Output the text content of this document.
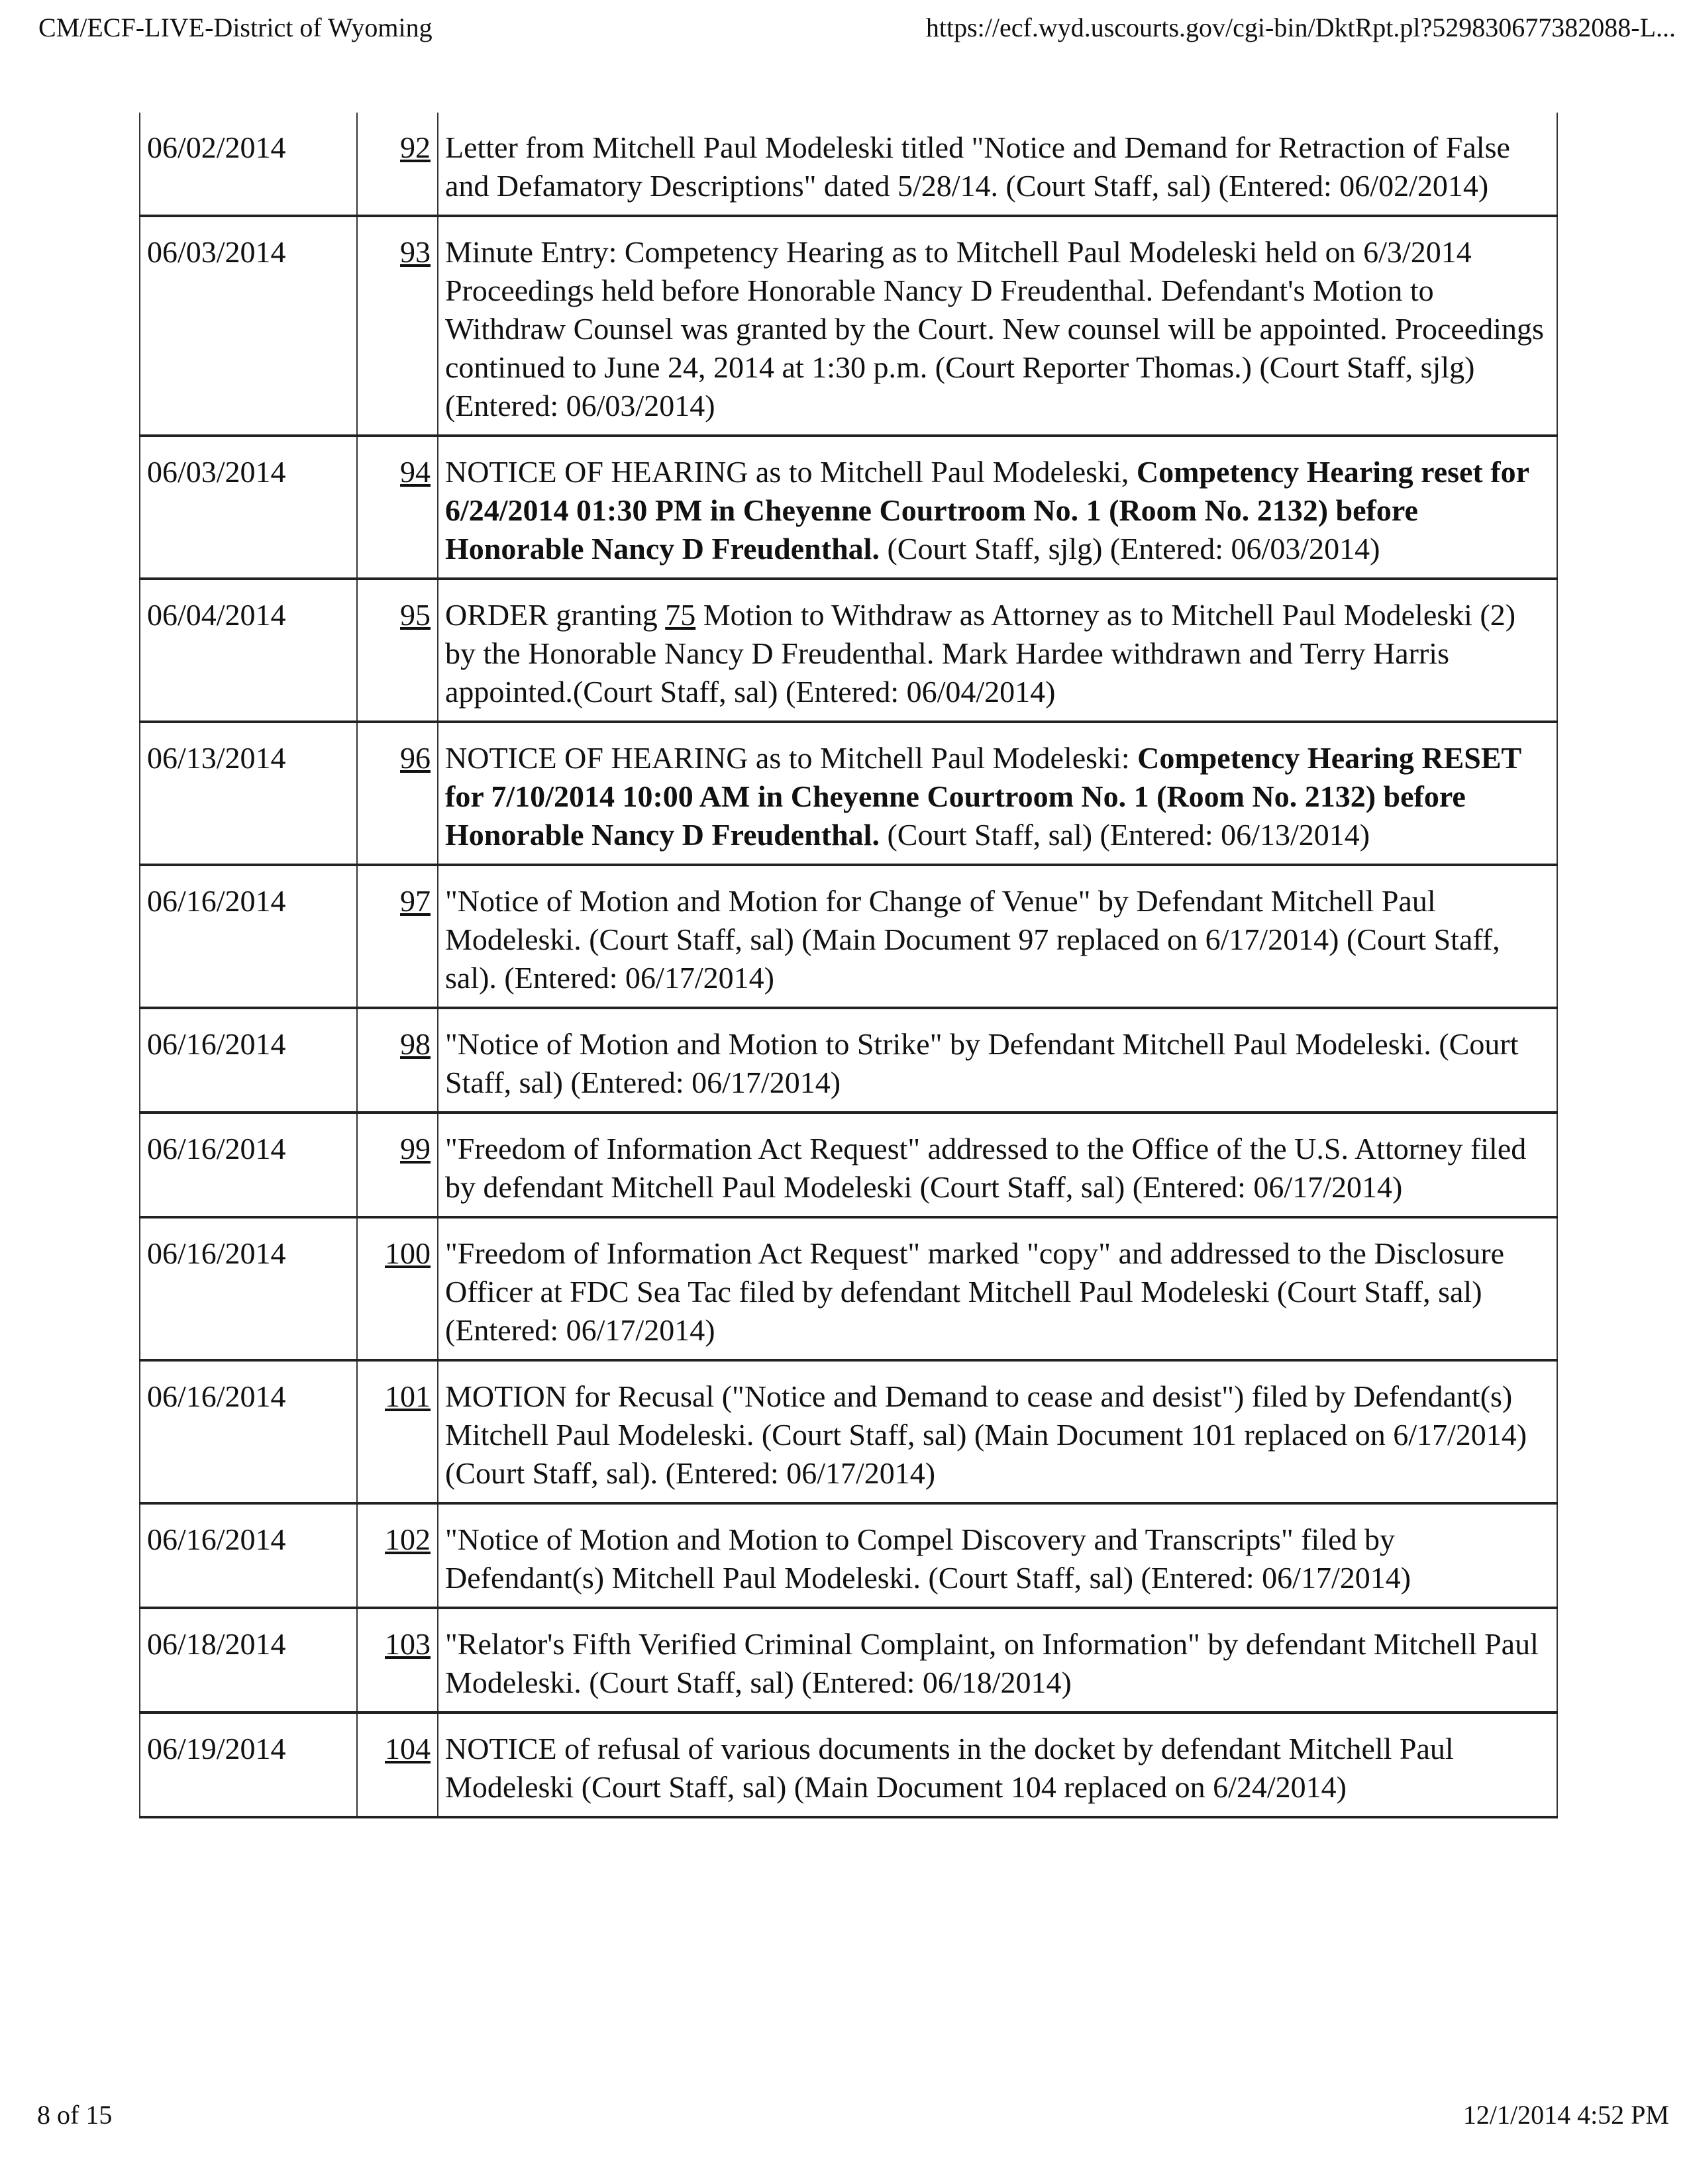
CM/ECF-LIVE-District of Wyoming	https://ecf.wyd.uscourts.gov/cgi-bin/DktRpt.pl?529830677382088-L...
06/02/2014	92	Letter from Mitchell Paul Modeleski titled "Notice and Demand for Retraction of False and Defamatory Descriptions" dated 5/28/14. (Court Staff, sal) (Entered: 06/02/2014)
06/03/2014	93	Minute Entry: Competency Hearing as to Mitchell Paul Modeleski held on 6/3/2014 Proceedings held before Honorable Nancy D Freudenthal. Defendant's Motion to Withdraw Counsel was granted by the Court. New counsel will be appointed. Proceedings continued to June 24, 2014 at 1:30 p.m. (Court Reporter Thomas.) (Court Staff, sjlg) (Entered: 06/03/2014)
06/03/2014	94	NOTICE OF HEARING as to Mitchell Paul Modeleski, Competency Hearing reset for 6/24/2014 01:30 PM in Cheyenne Courtroom No. 1 (Room No. 2132) before Honorable Nancy D Freudenthal. (Court Staff, sjlg) (Entered: 06/03/2014)
06/04/2014	95	ORDER granting 75 Motion to Withdraw as Attorney as to Mitchell Paul Modeleski (2) by the Honorable Nancy D Freudenthal. Mark Hardee withdrawn and Terry Harris appointed.(Court Staff, sal) (Entered: 06/04/2014)
06/13/2014	96	NOTICE OF HEARING as to Mitchell Paul Modeleski: Competency Hearing RESET for 7/10/2014 10:00 AM in Cheyenne Courtroom No. 1 (Room No. 2132) before Honorable Nancy D Freudenthal. (Court Staff, sal) (Entered: 06/13/2014)
06/16/2014	97	"Notice of Motion and Motion for Change of Venue" by Defendant Mitchell Paul Modeleski. (Court Staff, sal) (Main Document 97 replaced on 6/17/2014) (Court Staff, sal). (Entered: 06/17/2014)
06/16/2014	98	"Notice of Motion and Motion to Strike" by Defendant Mitchell Paul Modeleski. (Court Staff, sal) (Entered: 06/17/2014)
06/16/2014	99	"Freedom of Information Act Request" addressed to the Office of the U.S. Attorney filed by defendant Mitchell Paul Modeleski (Court Staff, sal) (Entered: 06/17/2014)
06/16/2014	100	"Freedom of Information Act Request" marked "copy" and addressed to the Disclosure Officer at FDC Sea Tac filed by defendant Mitchell Paul Modeleski (Court Staff, sal) (Entered: 06/17/2014)
06/16/2014	101	MOTION for Recusal ("Notice and Demand to cease and desist") filed by Defendant(s) Mitchell Paul Modeleski. (Court Staff, sal) (Main Document 101 replaced on 6/17/2014) (Court Staff, sal). (Entered: 06/17/2014)
06/16/2014	102	"Notice of Motion and Motion to Compel Discovery and Transcripts" filed by Defendant(s) Mitchell Paul Modeleski. (Court Staff, sal) (Entered: 06/17/2014)
06/18/2014	103	"Relator's Fifth Verified Criminal Complaint, on Information" by defendant Mitchell Paul Modeleski. (Court Staff, sal) (Entered: 06/18/2014)
06/19/2014	104	NOTICE of refusal of various documents in the docket by defendant Mitchell Paul Modeleski (Court Staff, sal) (Main Document 104 replaced on 6/24/2014)
8 of 15	12/1/2014 4:52 PM
